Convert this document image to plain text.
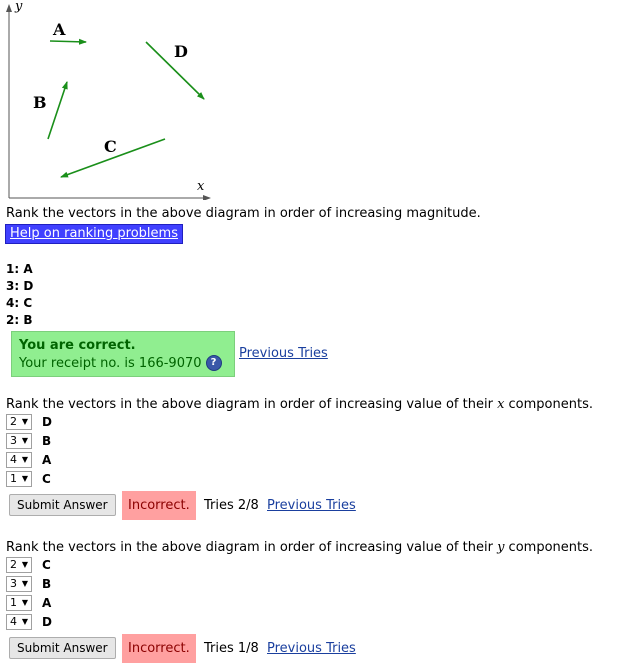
y
x
A
B
C
D
Rank the vectors in the above diagram in order of increasing magnitude.
Help on ranking problems
1: A
3: D
4: C
2: B
You are correct.
Your receipt no. is 166-9070 ?
Previous Tries
Rank the vectors in the above diagram in order of increasing value of their x components.
2 ▼ D
3 ▼ B
4 ▼ A
1 ▼ C
Submit Answer	Incorrect.	Tries 2/8 Previous Tries
Rank the vectors in the above diagram in order of increasing value of their y components.
2 ▼ C
3 ▼ B
1 ▼ A
4 ▼ D
Submit Answer	Incorrect.	Tries 1/8 Previous Tries
